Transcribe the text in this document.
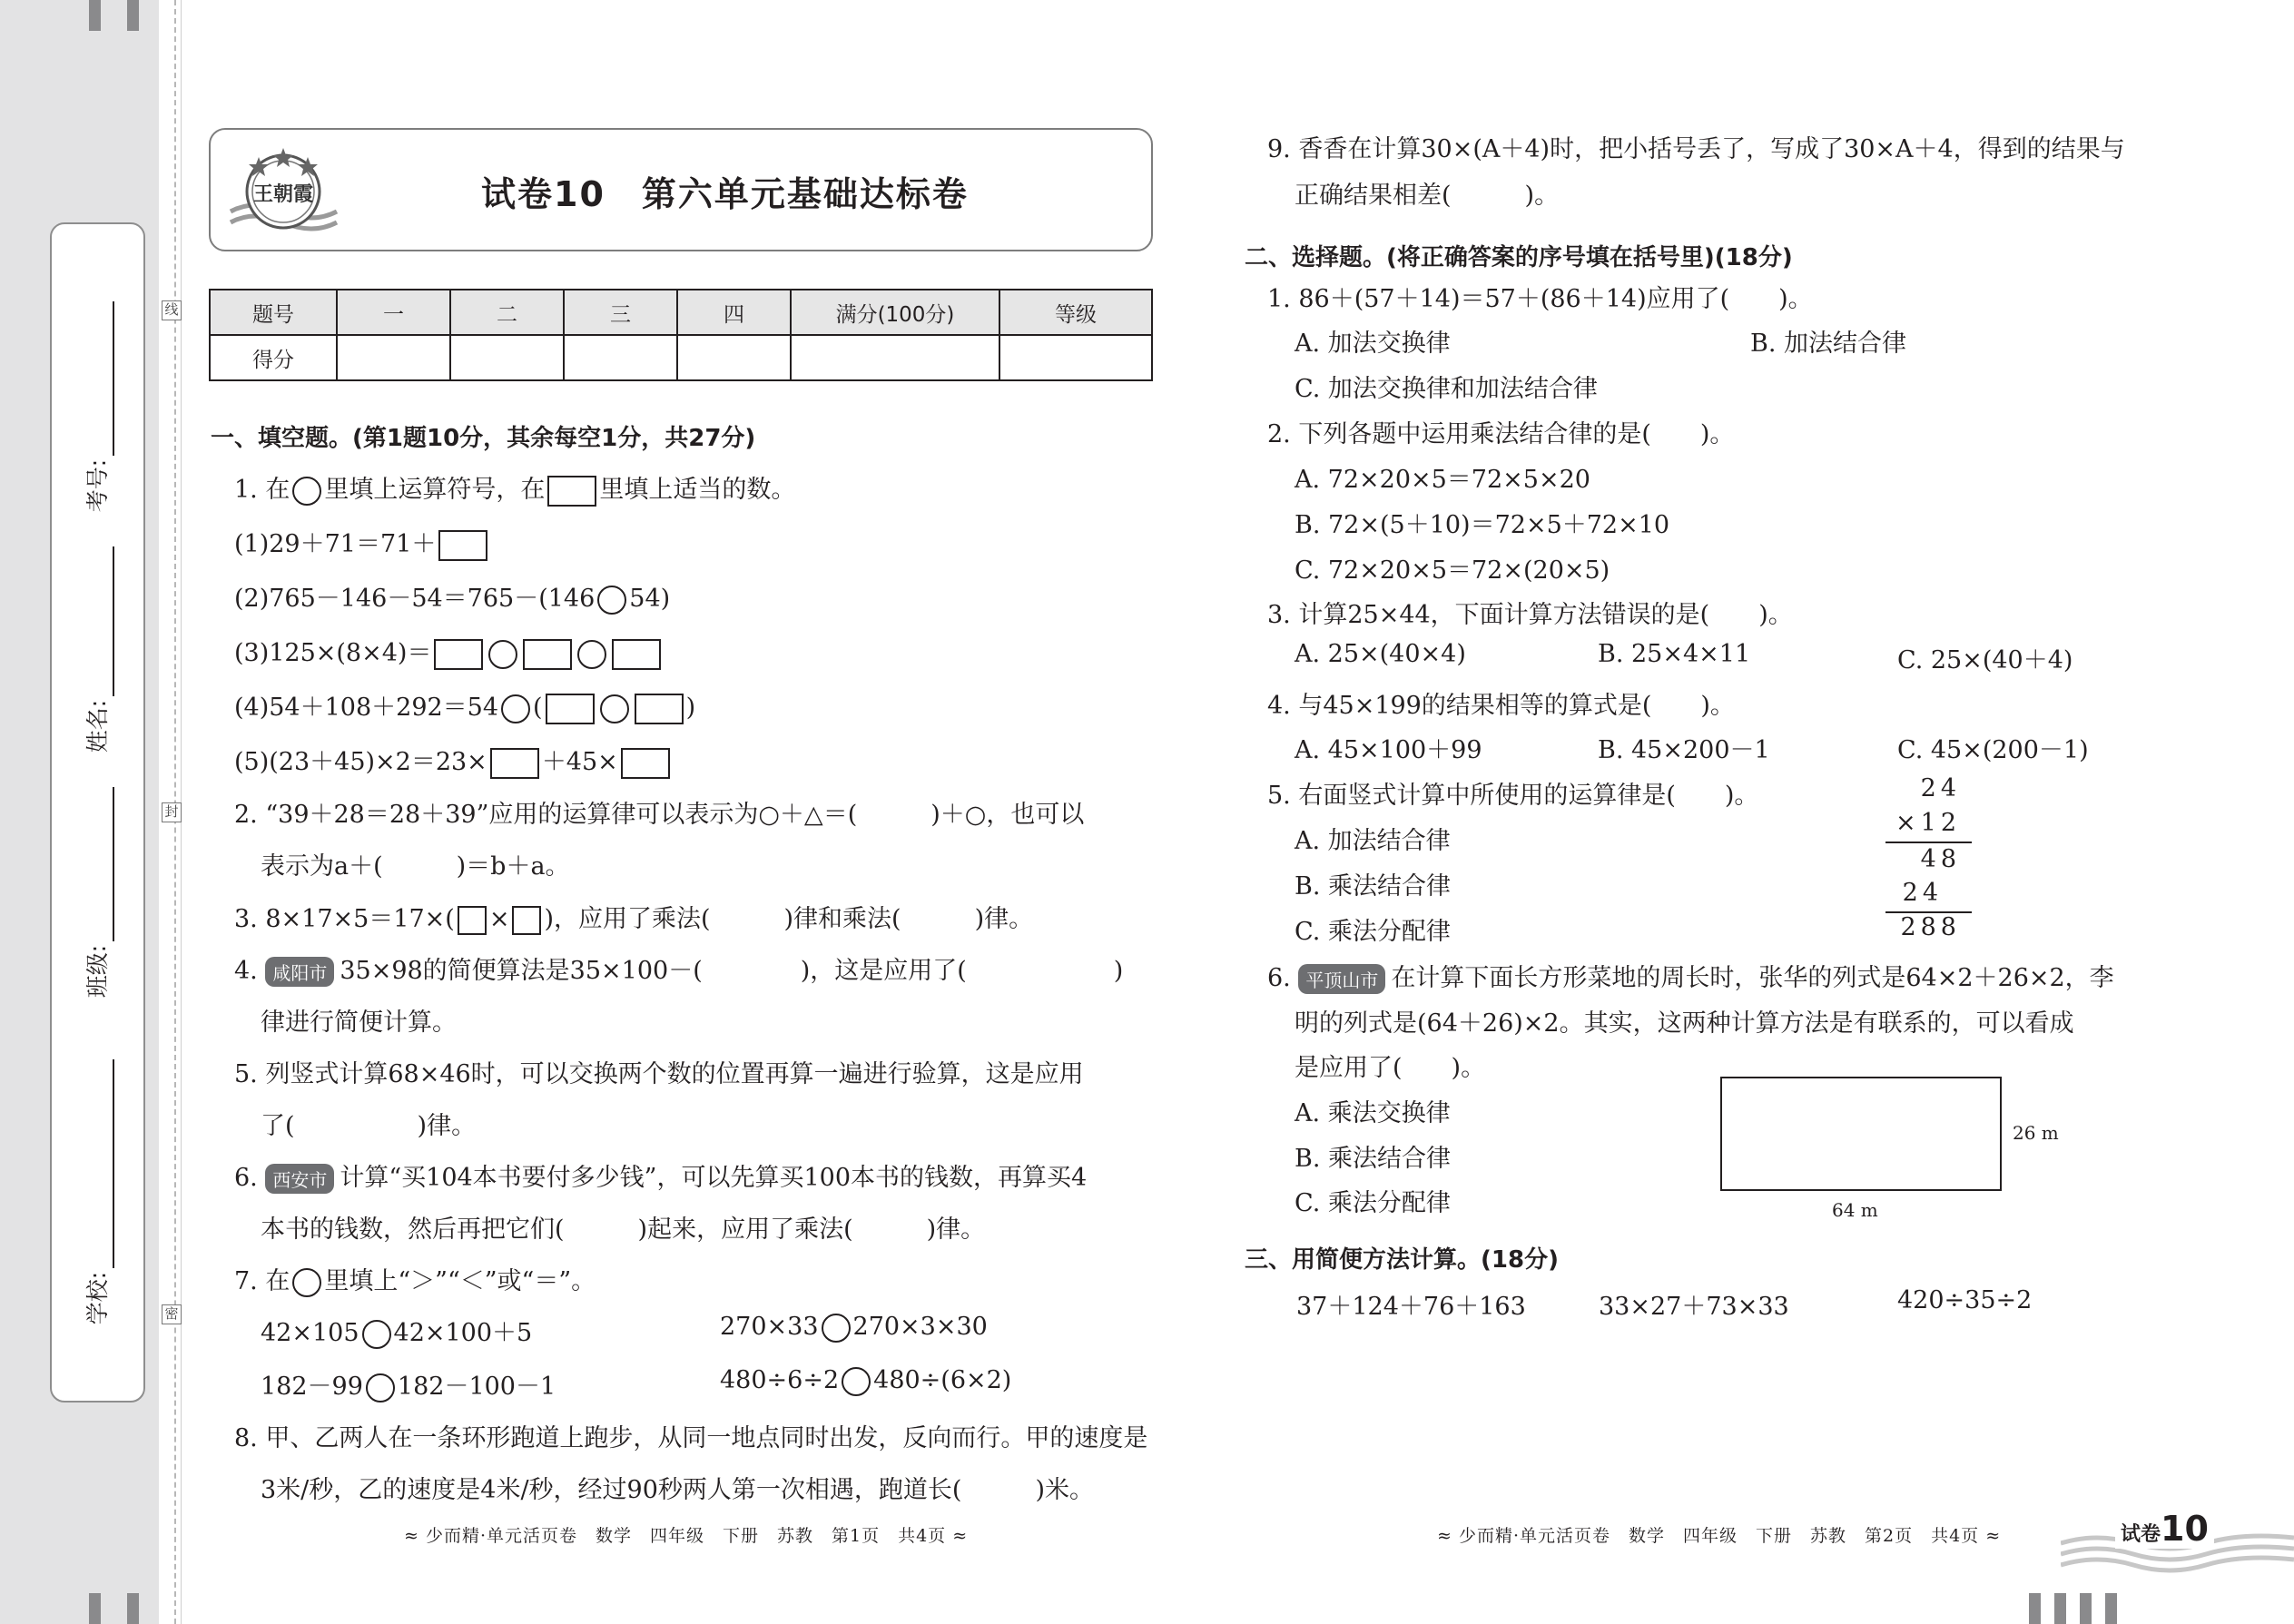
考号:
姓名:
班级:
学校:
线
封
密
王朝霞	试卷10　第六单元基础达标卷
题号	一	二	三	四	满分(100分)	等级
得分						
一、填空题。(第1题10分，其余每空1分，共27分)
1. 在 里填上运算符号，在 里填上适当的数。
(1)29＋71＝71＋
(2)765－146－54＝765－(146 54)
(3)125×(8×4)＝
(4)54＋108＋292＝54 (	)
(5)(23＋45)×2＝23× ＋45×
2. “39＋28＝28＋39”应用的运算律可以表示为○＋△＝(　　　)＋○，也可以
表示为a＋(　　　)＝b＋a。
3. 8×17×5＝17×( × )，应用了乘法(　　　)律和乘法(　　　)律。
4. 咸阳市 35×98的简便算法是35×100－(　　　　)，这是应用了(　　　　　　)
律进行简便计算。
5. 列竖式计算68×46时，可以交换两个数的位置再算一遍进行验算，这是应用
了(　　　　　)律。
6. 西安市 计算“买104本书要付多少钱”，可以先算买100本书的钱数，再算买4
本书的钱数，然后再把它们(　　　)起来，应用了乘法(　　　)律。
7. 在 里填上“＞”“＜”或“＝”。
42×105 42×100＋5	270×33 270×3×30
182－99 182－100－1	480÷6÷2 480÷(6×2)
8. 甲、乙两人在一条环形跑道上跑步，从同一地点同时出发，反向而行。甲的速度是
3米/秒，乙的速度是4米/秒，经过90秒两人第一次相遇，跑道长(　　　)米。
≈ 少而精·单元活页卷　数学　四年级　下册　苏教　第1页　共4页 ≈
9. 香香在计算30×(A＋4)时，把小括号丢了，写成了30×A＋4，得到的结果与
正确结果相差(　　　)。
二、选择题。(将正确答案的序号填在括号里)(18分)
1. 86＋(57＋14)＝57＋(86＋14)应用了(　　)。
A. 加法交换律	B. 加法结合律
C. 加法交换律和加法结合律
2. 下列各题中运用乘法结合律的是(　　)。
A. 72×20×5＝72×5×20
B. 72×(5＋10)＝72×5＋72×10
C. 72×20×5＝72×(20×5)
3. 计算25×44，下面计算方法错误的是(　　)。
A. 25×(40×4)	B. 25×4×11	C. 25×(40＋4)
4. 与45×199的结果相等的算式是(　　)。
A. 45×100＋99	B. 45×200－1	C. 45×(200－1)
5. 右面竖式计算中所使用的运算律是(　　)。
A. 加法结合律
B. 乘法结合律
C. 乘法分配律
24
×12
48
24
288
6. 平顶山市 在计算下面长方形菜地的周长时，张华的列式是64×2＋26×2，李
明的列式是(64＋26)×2。其实，这两种计算方法是有联系的，可以看成
是应用了(　　)。
A. 乘法交换律
B. 乘法结合律
C. 乘法分配律
26 m
64 m
三、用简便方法计算。(18分)
37＋124＋76＋163	33×27＋73×33	420÷35÷2
≈ 少而精·单元活页卷　数学　四年级　下册　苏教　第2页　共4页 ≈	试卷10
